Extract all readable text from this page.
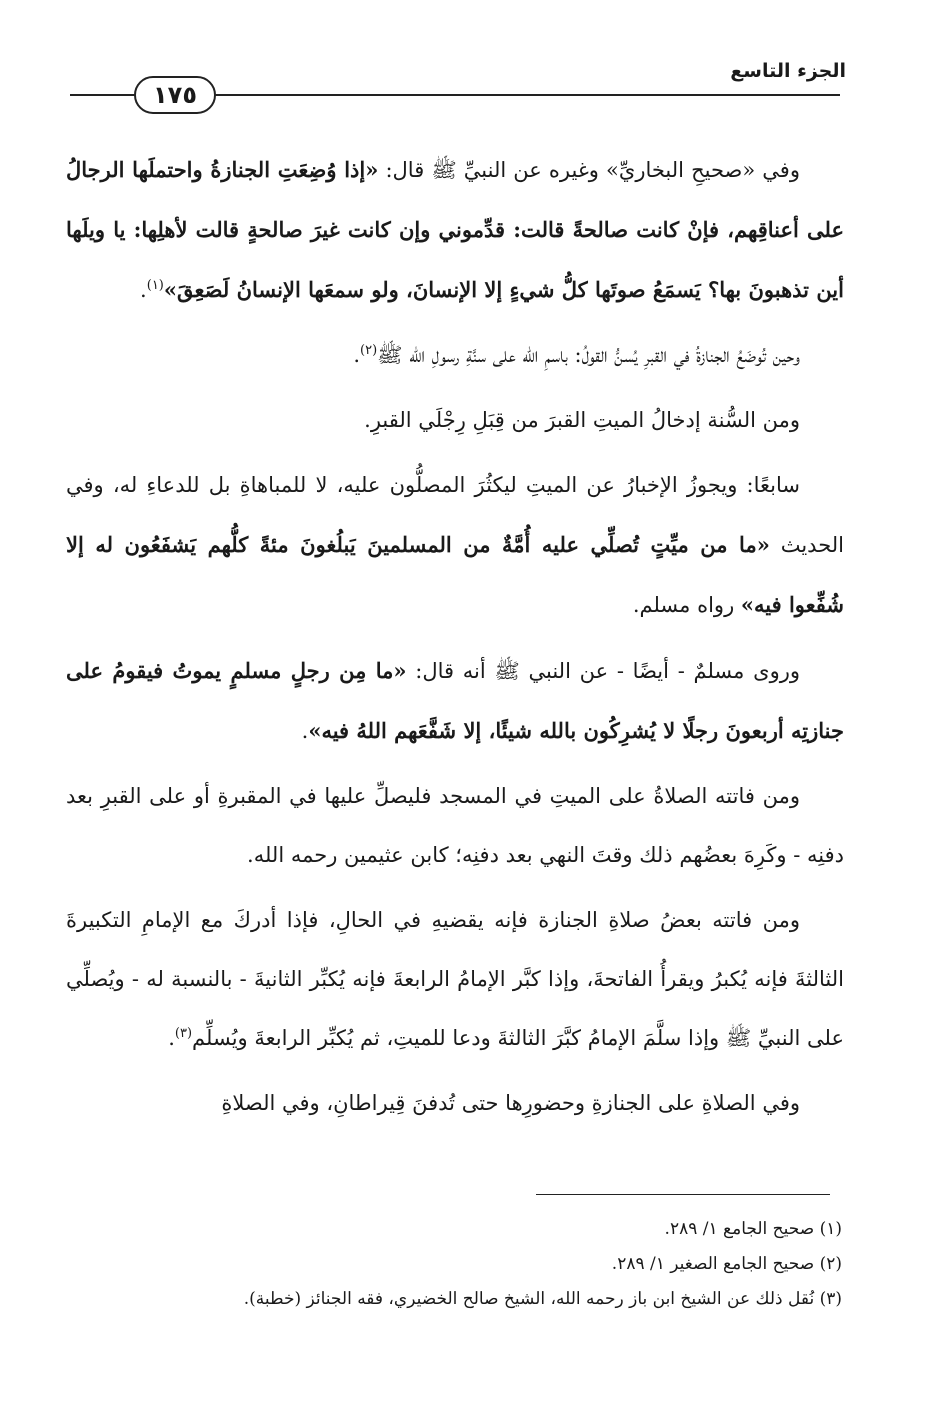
الجزء التاسع
١٧٥

وفي «صحيحِ البخاريِّ» وغيره عن النبيِّ ﷺ قال: «إذا وُضِعَتِ الجنازةُ واحتملَها الرجالُ على أعناقِهم، فإنْ كانت صالحةً قالت: قدِّموني وإن كانت غيرَ صالحةٍ قالت لأهلِها: يا ويلَها أين تذهبونَ بها؟ يَسمَعُ صوتَها كلُّ شيءٍ إلا الإنسانَ، ولو سمعَها الإنسانُ لَصَعِقَ»$^{(١)}$.

وحين تُوضَعُ الجنازةُ في القبرِ يُسنُّ القولُ: باسمِ الله على سنَّةِ رسولِ الله ﷺ$^{(٢)}$.

ومن السُّنة إدخالُ الميتِ القبرَ من قِبَلِ رِجْلَي القبرِ.

سابعًا: ويجوزُ الإخبارُ عن الميتِ ليكثُرَ المصلُّون عليه، لا للمباهاةِ بل للدعاءِ له، وفي الحديث «ما من ميِّتٍ تُصلِّي عليه أُمَّةٌ من المسلمينَ يَبلُغونَ مئةً كلُّهم يَشفَعُون له إلا شُفِّعوا فيه» رواه مسلم.

وروى مسلمٌ - أيضًا - عن النبي ﷺ أنه قال: «ما مِن رجلٍ مسلمٍ يموتُ فيقومُ على جنازتِه أربعونَ رجلًا لا يُشرِكُون بالله شيئًا، إلا شَفَّعَهم اللهُ فيه».

ومن فاتته الصلاةُ على الميتِ في المسجد فليصلِّ عليها في المقبرةِ أو على القبرِ بعد دفنِه - وكَرِهَ بعضُهم ذلك وقتَ النهي بعد دفنِه؛ كابن عثيمين رحمه الله.

ومن فاتته بعضُ صلاةِ الجنازة فإنه يقضيهِ في الحالِ، فإذا أدركَ مع الإمامِ التكبيرةَ الثالثةَ فإنه يُكبرُ ويقرأُ الفاتحةَ، وإذا كبَّر الإمامُ الرابعةَ فإنه يُكبِّر الثانيةَ - بالنسبة له - ويُصلِّي على النبيِّ ﷺ وإذا سلَّمَ الإمامُ كبَّرَ الثالثةَ ودعا للميتِ، ثم يُكبِّر الرابعةَ ويُسلِّم$^{(٣)}$.

وفي الصلاةِ على الجنازةِ وحضورِها حتى تُدفنَ قِيراطانِ، وفي الصلاةِ

(١) صحيح الجامع ١/ ٢٨٩.
(٢) صحيح الجامع الصغير ١/ ٢٨٩.
(٣) نُقل ذلك عن الشيخ ابن باز رحمه الله، الشيخ صالح الخضيري، فقه الجنائز (خطبة).
